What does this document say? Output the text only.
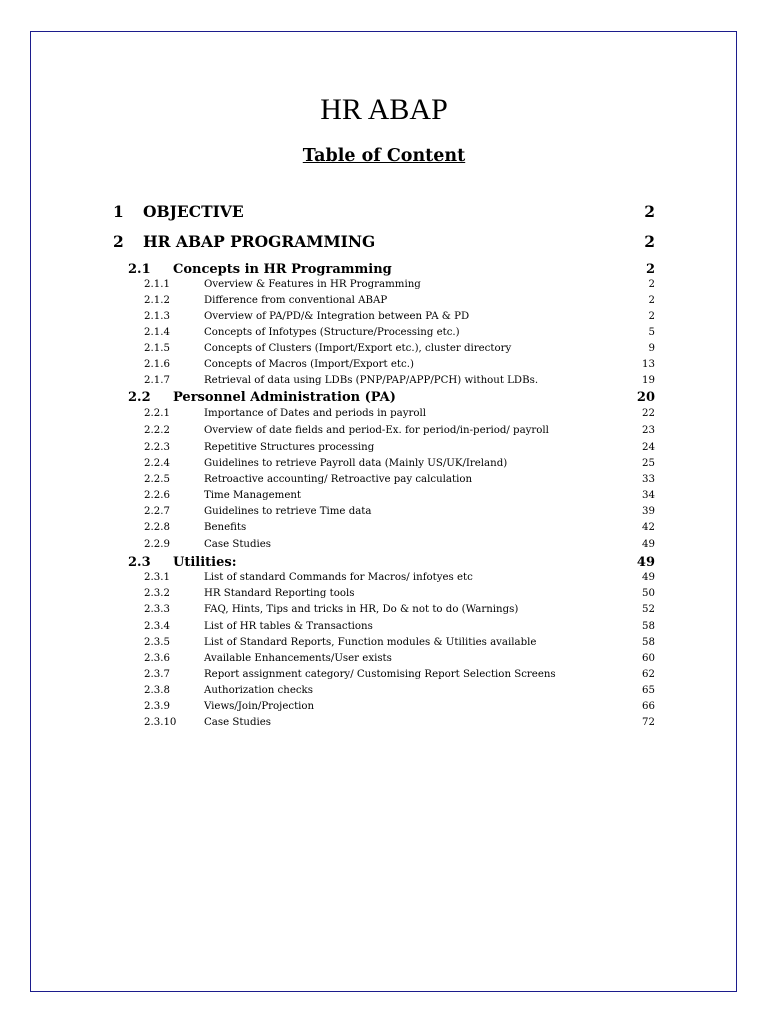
HR ABAP
Table of Content
1	OBJECTIVE	2
2	HR ABAP PROGRAMMING	2
2.1	Concepts in HR Programming	2
2.1.1	Overview & Features in HR Programming	2
2.1.2	Difference from conventional ABAP	2
2.1.3	Overview of PA/PD/& Integration between PA & PD	2
2.1.4	Concepts of Infotypes (Structure/Processing etc.)	5
2.1.5	Concepts of Clusters (Import/Export etc.), cluster directory	9
2.1.6	Concepts of Macros (Import/Export etc.)	13
2.1.7	Retrieval of data using LDBs (PNP/PAP/APP/PCH) without LDBs.	19
2.2	Personnel Administration (PA)	20
2.2.1	Importance of Dates and periods in payroll	22
2.2.2	Overview of date fields and period-Ex. for period/in-period/ payroll	23
2.2.3	Repetitive Structures processing	24
2.2.4	Guidelines to retrieve Payroll data (Mainly US/UK/Ireland)	25
2.2.5	Retroactive accounting/ Retroactive pay calculation	33
2.2.6	Time Management	34
2.2.7	Guidelines to retrieve Time data	39
2.2.8	Benefits	42
2.2.9	Case Studies	49
2.3	Utilities:	49
2.3.1	List of standard Commands for Macros/ infotyes etc	49
2.3.2	HR Standard Reporting tools	50
2.3.3	FAQ, Hints, Tips and tricks in HR, Do & not to do (Warnings)	52
2.3.4	List of HR tables & Transactions	58
2.3.5	List of Standard Reports, Function modules & Utilities available	58
2.3.6	Available Enhancements/User exists	60
2.3.7	Report assignment category/ Customising Report Selection Screens	62
2.3.8	Authorization checks	65
2.3.9	Views/Join/Projection	66
2.3.10	Case Studies	72
